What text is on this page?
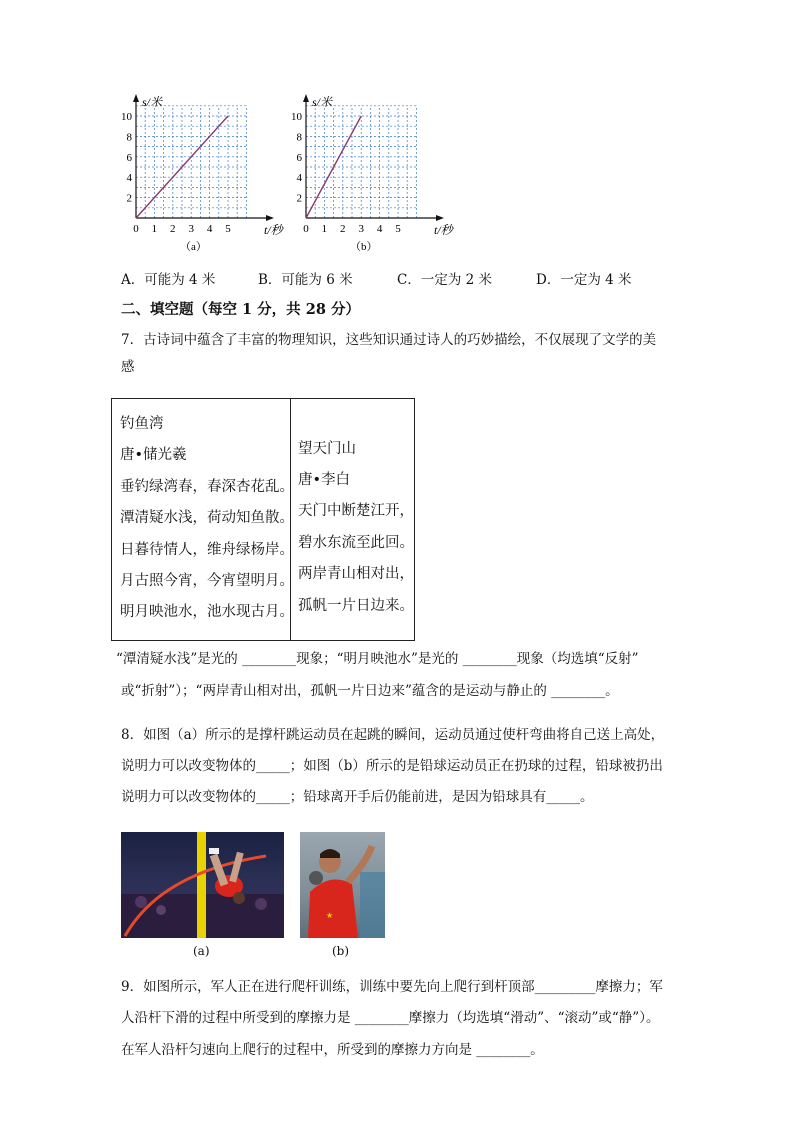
2
4
6
8
10
0 1 2 3 4 5
s/米
t/秒
（a）
2
4
6
8
10
0 1 2 3 4 5
s/米
t/秒
（b）
A．可能为 4 米	B．可能为 6 米	C．一定为 2 米	D．一定为 4 米
二、填空题（每空 1 分，共 28 分）
7．古诗词中蕴含了丰富的物理知识，这些知识通过诗人的巧妙描绘，不仅展现了文学的美
感
钓鱼湾
唐•储光羲
垂钓绿湾春，春深杏花乱。
潭清疑水浅，荷动知鱼散。
日暮待情人，维舟绿杨岸。
月古照今宵，今宵望明月。
明月映池水，池水现古月。
望天门山
唐•李白
天门中断楚江开，
碧水东流至此回。
两岸青山相对出，
孤帆一片日边来。
“潭清疑水浅”是光的 ________现象；“明月映池水”是光的 ________现象（均选填“反射”
或“折射”）；“两岸青山相对出，孤帆一片日边来”蕴含的是运动与静止的 ________。
8．如图（a）所示的是撑杆跳运动员在起跳的瞬间，运动员通过使杆弯曲将自己送上高处，
说明力可以改变物体的_____；如图（b）所示的是铅球运动员正在扔球的过程，铅球被扔出
说明力可以改变物体的_____；铅球离开手后仍能前进，是因为铅球具有_____。
(a)
★
(b)
9．如图所示，军人正在进行爬杆训练，训练中要先向上爬行到杆顶部_________摩擦力；军
人沿杆下滑的过程中所受到的摩擦力是 ________摩擦力（均选填“滑动”、“滚动”或“静”）。
在军人沿杆匀速向上爬行的过程中，所受到的摩擦力方向是 ________。
